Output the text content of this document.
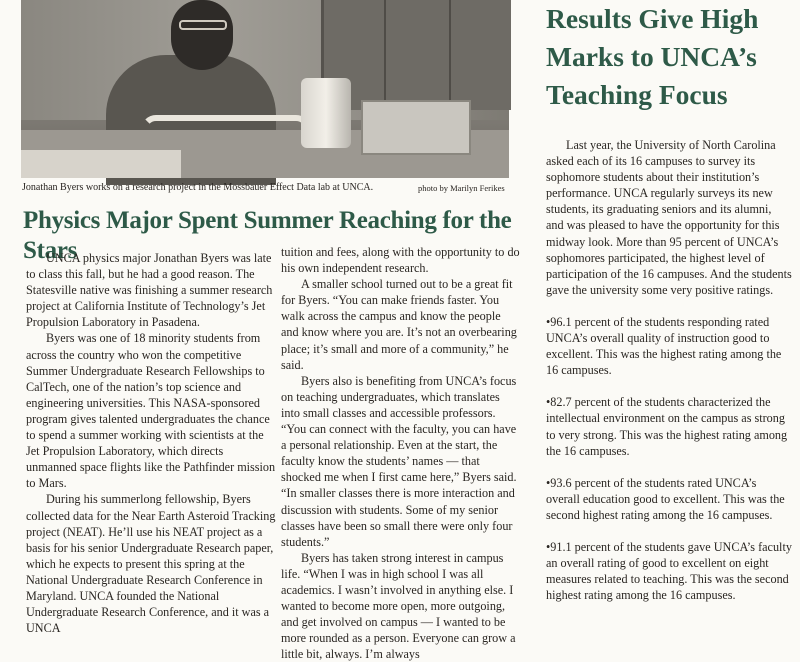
Jonathan Byers works on a research project in the Mossbauer Effect Data lab at UNCA.	photo by Marilyn Ferikes
Physics Major Spent Summer Reaching for the Stars

UNCA physics major Jonathan Byers was late to class this fall, but he had a good reason. The Statesville native was finishing a summer research project at California Institute of Technology’s Jet Propulsion Laboratory in Pasadena.

Byers was one of 18 minority students from across the country who won the competitive Summer Undergraduate Research Fellowships to CalTech, one of the nation’s top science and engineering universities. This NASA-sponsored program gives talented undergraduates the chance to spend a summer working with scientists at the Jet Propulsion Laboratory, which directs unmanned space flights like the Pathfinder mission to Mars.

During his summerlong fellowship, Byers collected data for the Near Earth Asteroid Tracking project (NEAT). He’ll use his NEAT project as a basis for his senior Undergraduate Research paper, which he expects to present this spring at the National Undergraduate Research Conference in Maryland. UNCA founded the National Undergraduate Research Conference, and it was a UNCA

tuition and fees, along with the opportunity to do his own independent research.

A smaller school turned out to be a great fit for Byers. “You can make friends faster. You walk across the campus and know the people and know where you are. It’s not an overbearing place; it’s small and more of a community,” he said.

Byers also is benefiting from UNCA’s focus on teaching undergraduates, which translates into small classes and accessible professors. “You can connect with the faculty, you can have a personal relationship. Even at the start, the faculty know the students’ names — that shocked me when I first came here,” Byers said. “In smaller classes there is more interaction and discussion with students. Some of my senior classes have been so small there were only four students.”

Byers has taken strong interest in campus life. “When I was in high school I was all academics. I wasn’t involved in anything else. I wanted to become more open, more outgoing, and get involved on campus — I wanted to be more rounded as a person. Everyone can grow a little bit, always. I’m always

Results Give High Marks to UNCA’s Teaching Focus

Last year, the University of North Carolina asked each of its 16 campuses to survey its sophomore students about their institution’s performance. UNCA regularly surveys its new students, its graduating seniors and its alumni, and was pleased to have the opportunity for this midway look. More than 95 percent of UNCA’s sophomores participated, the highest level of participation of the 16 campuses. And the students gave the university some very positive ratings.

•96.1 percent of the students responding rated UNCA’s overall quality of instruction good to excellent. This was the highest rating among the 16 campuses.
•82.7 percent of the students characterized the intellectual environment on the campus as strong to very strong. This was the highest rating among the 16 campuses.
•93.6 percent of the students rated UNCA’s overall education good to excellent. This was the second highest rating among the 16 campuses.
•91.1 percent of the students gave UNCA’s faculty an overall rating of good to excellent on eight measures related to teaching. This was the second highest rating among the 16 campuses.
